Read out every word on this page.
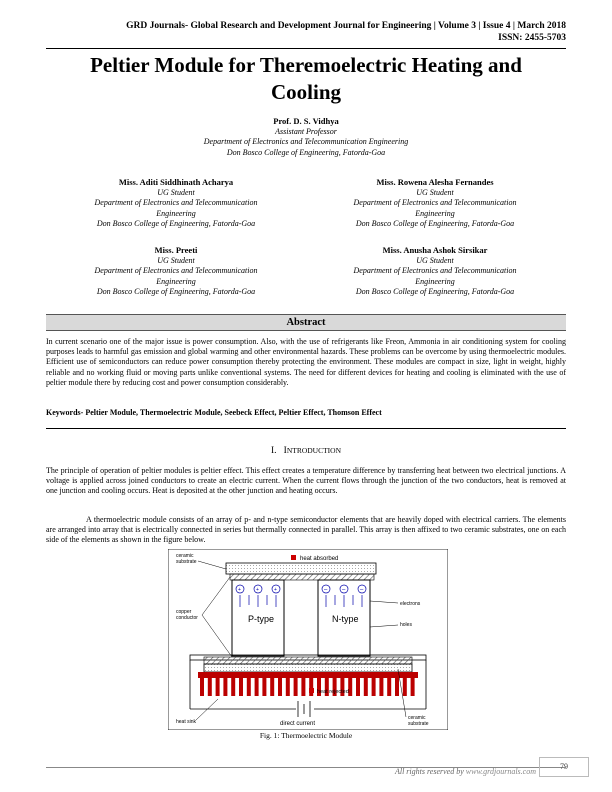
GRD Journals- Global Research and Development Journal for Engineering | Volume 3 | Issue 4 | March 2018
ISSN: 2455-5703
Peltier Module for Theremoelectric Heating and
Cooling
Prof. D. S. Vidhya
Assistant Professor
Department of Electronics and Telecommunication Engineering
Don Bosco College of Engineering, Fatorda-Goa
Miss. Aditi Siddhinath Acharya
UG Student
Department of Electronics and Telecommunication
Engineering
Don Bosco College of Engineering, Fatorda-Goa
Miss. Rowena Alesha Fernandes
UG Student
Department of Electronics and Telecommunication
Engineering
Don Bosco College of Engineering, Fatorda-Goa
Miss. Preeti
UG Student
Department of Electronics and Telecommunication
Engineering
Don Bosco College of Engineering, Fatorda-Goa
Miss. Anusha Ashok Sirsikar
UG Student
Department of Electronics and Telecommunication
Engineering
Don Bosco College of Engineering, Fatorda-Goa
Abstract
In current scenario one of the major issue is power consumption. Also, with the use of refrigerants like Freon, Ammonia in air conditioning system for cooling purposes leads to harmful gas emission and global warming and other environmental hazards. These problems can be overcome by using thermoelectric modules. Efficient use of semiconductors can reduce power consumption thereby protecting the environment. These modules are compact in size, light in weight, highly reliable and no working fluid or moving parts unlike conventional systems. The need for different devices for heating and cooling is eliminated with the use of peltier module there by reducing cost and power consumption considerably.
Keywords- Peltier Module, Thermoelectric Module, Seebeck Effect, Peltier Effect, Thomson Effect
I. INTRODUCTION
The principle of operation of peltier modules is peltier effect. This effect creates a temperature difference by transferring heat between two electrical junctions. A voltage is applied across joined conductors to create an electric current. When the current flows through the junction of the two conductors, heat is removed at one junction and cooling occurs. Heat is deposited at the other junction and heating occurs.
A thermoelectric module consists of an array of p- and n-type semiconductor elements that are heavily doped with electrical carriers. The elements are arranged into array that is electrically connected in series but thermally connected in parallel. This array is then affixed to two ceramic substrates, one on each side of the elements as shown in the figure below.
heat absorbed
ceramic
substrate
P-type
+	+	+
N-type
– – –
electrons
holes
copper
conductor
heat rejected
heat sink	direct current
ceramic
substrate
Fig. 1: Thermoelectric Module
All rights reserved by www.grdjournals.com
79
